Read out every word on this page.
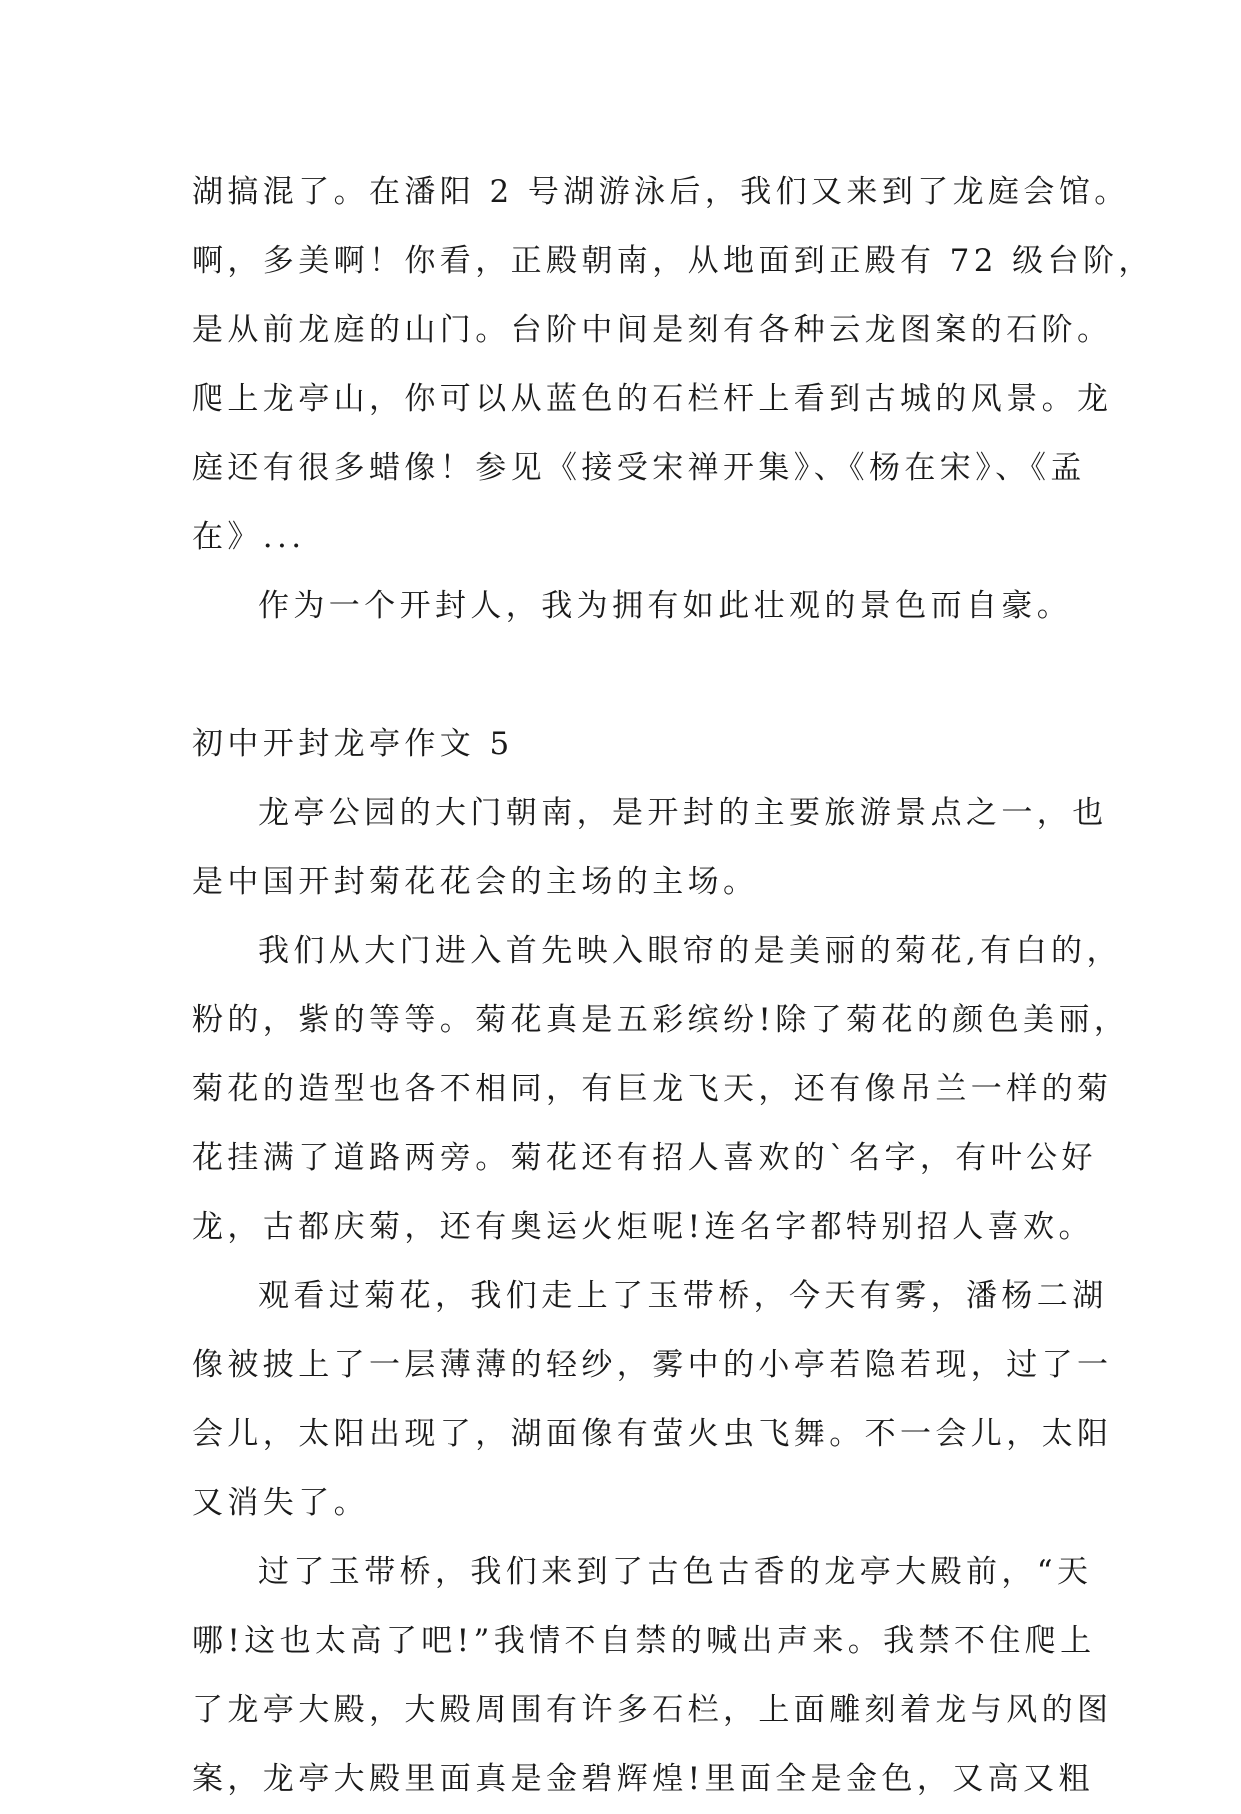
湖搞混了。在潘阳 2 号湖游泳后，我们又来到了龙庭会馆。
啊，多美啊！你看，正殿朝南，从地面到正殿有 72 级台阶，
是从前龙庭的山门。台阶中间是刻有各种云龙图案的石阶。
爬上龙亭山，你可以从蓝色的石栏杆上看到古城的风景。龙
庭还有很多蜡像！参见《接受宋禅开集》、《杨在宋》、《孟
在》...
作为一个开封人，我为拥有如此壮观的景色而自豪。
初中开封龙亭作文 5
龙亭公园的大门朝南，是开封的主要旅游景点之一，也
是中国开封菊花花会的主场的主场。
我们从大门进入首先映入眼帘的是美丽的菊花,有白的，
粉的，紫的等等。菊花真是五彩缤纷!除了菊花的颜色美丽，
菊花的造型也各不相同，有巨龙飞天，还有像吊兰一样的菊
花挂满了道路两旁。菊花还有招人喜欢的`名字，有叶公好
龙，古都庆菊，还有奥运火炬呢!连名字都特别招人喜欢。
观看过菊花，我们走上了玉带桥，今天有雾，潘杨二湖
像被披上了一层薄薄的轻纱，雾中的小亭若隐若现，过了一
会儿，太阳出现了，湖面像有萤火虫飞舞。不一会儿，太阳
又消失了。
过了玉带桥，我们来到了古色古香的龙亭大殿前，“天
哪!这也太高了吧!”我情不自禁的喊出声来。我禁不住爬上
了龙亭大殿，大殿周围有许多石栏，上面雕刻着龙与风的图
案，龙亭大殿里面真是金碧辉煌!里面全是金色，又高又粗
